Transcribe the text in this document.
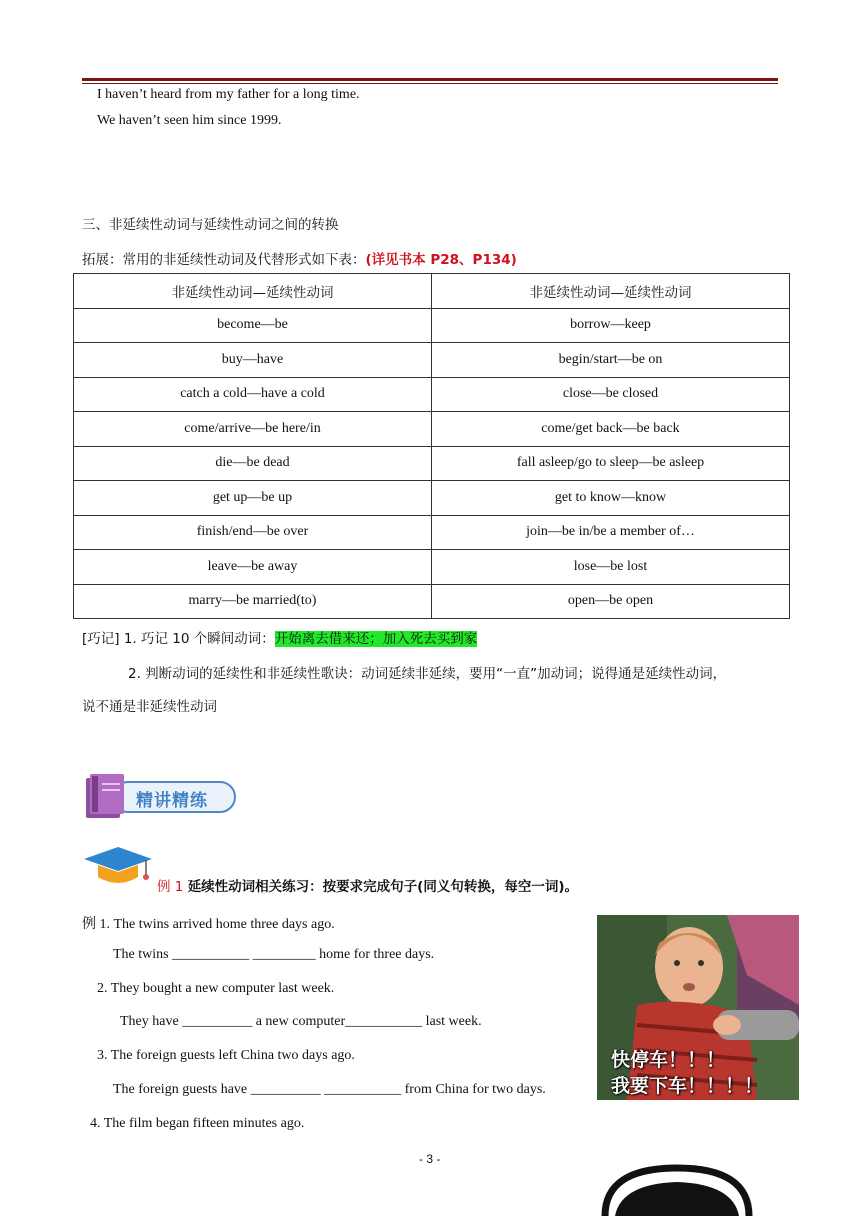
I haven’t heard from my father for a long time.
We haven’t seen him since 1999.
三、非延续性动词与延续性动词之间的转换
拓展：常用的非延续性动词及代替形式如下表：(详见书本 P28、P134)
非延续性动词—延续性动词	非延续性动词—延续性动词
become—be	borrow—keep
buy—have	begin/start—be on
catch a cold—have a cold	close—be closed
come/arrive—be here/in	come/get back—be back
die—be dead	fall asleep/go to sleep—be asleep
get up—be up	get to know—know
finish/end—be over	join—be in/be a member of…
leave—be away	lose—be lost
marry—be married(to)	open—be open
[巧记] 1. 巧记 10 个瞬间动词：开始离去借来还；加入死去买到家
2. 判断动词的延续性和非延续性歌诀：动词延续非延续，要用“一直”加动词；说得通是延续性动词，
说不通是非延续性动词
精讲精练
例 1 延续性动词相关练习：按要求完成句子(同义句转换，每空一词)。
例 1. The twins arrived home three days ago.
The twins ___________ _________ home for three days.
2. They bought a new computer last week.
They have __________ a new computer___________ last week.
3. The foreign guests left China two days ago.
The foreign guests have __________ ___________ from China for two days.
4. The film began fifteen minutes ago.
快停车！！！
我要下车！！！！
- 3 -
